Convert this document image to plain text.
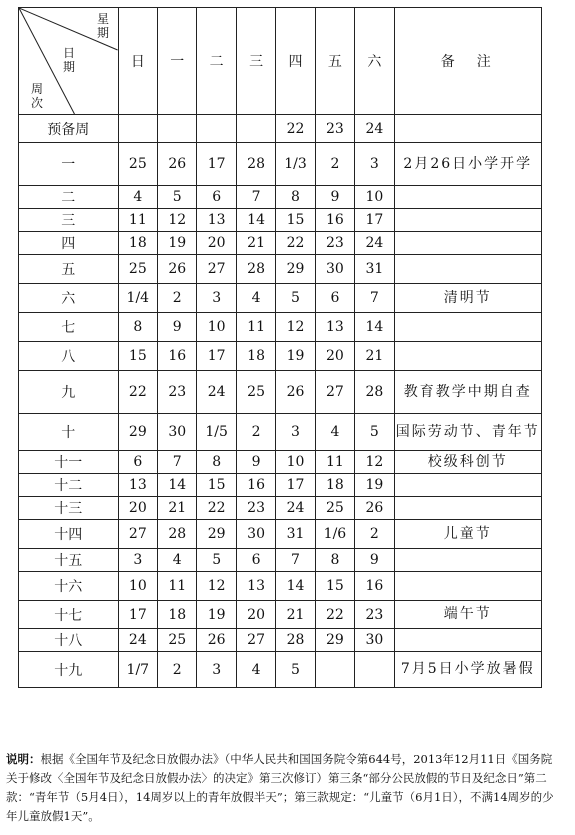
星期
日期
周次	日	一	二	三	四	五	六	备　注
预备周					22	23	24	
一	25	26	17	28	1/3	2	3	2月26日小学开学
二	4	5	6	7	8	9	10	
三	11	12	13	14	15	16	17	
四	18	19	20	21	22	23	24	
五	25	26	27	28	29	30	31	
六	1/4	2	3	4	5	6	7	清明节
七	8	9	10	11	12	13	14	
八	15	16	17	18	19	20	21	
九	22	23	24	25	26	27	28	教育教学中期自查
十	29	30	1/5	2	3	4	5	国际劳动节、青年节
十一	6	7	8	9	10	11	12	校级科创节
十二	13	14	15	16	17	18	19	
十三	20	21	22	23	24	25	26	
十四	27	28	29	30	31	1/6	2	儿童节
十五	3	4	5	6	7	8	9	
十六	10	11	12	13	14	15	16	
十七	17	18	19	20	21	22	23	端午节
十八	24	25	26	27	28	29	30	
十九	1/7	2	3	4	5			7月5日小学放暑假
说明：根据《全国年节及纪念日放假办法》（中华人民共和国国务院令第644号，2013年12月11日《国务院关于修改〈全国年节及纪念日放假办法〉的决定》第三次修订）第三条“部分公民放假的节日及纪念日”第二款：“青年节（5月4日），14周岁以上的青年放假半天”；第三款规定：“儿童节（6月1日），不满14周岁的少年儿童放假1天”。
